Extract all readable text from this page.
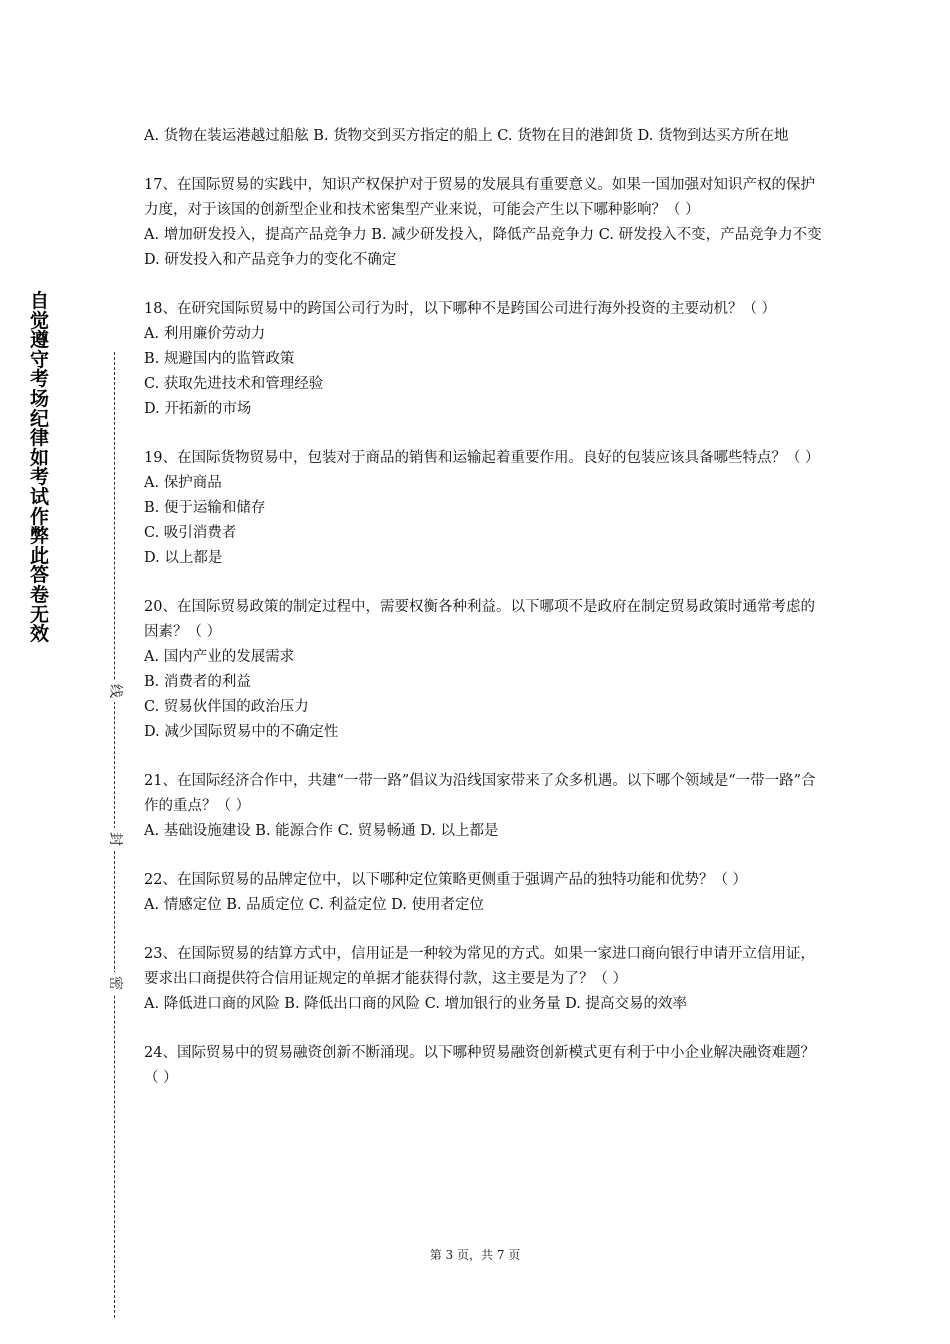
自觉遵守考场纪律如考试作弊此答卷无效
线
封
密

A. 货物在装运港越过船舷 B. 货物交到买方指定的船上 C. 货物在目的港卸货 D. 货物到达买方所在地

17、在国际贸易的实践中，知识产权保护对于贸易的发展具有重要意义。如果一国加强对知识产权的保护力度，对于该国的创新型企业和技术密集型产业来说，可能会产生以下哪种影响？（ ）

A. 增加研发投入，提高产品竞争力 B. 减少研发投入，降低产品竞争力 C. 研发投入不变，产品竞争力不变 D. 研发投入和产品竞争力的变化不确定

18、在研究国际贸易中的跨国公司行为时，以下哪种不是跨国公司进行海外投资的主要动机？（ ）

A. 利用廉价劳动力

B. 规避国内的监管政策

C. 获取先进技术和管理经验

D. 开拓新的市场

19、在国际货物贸易中，包装对于商品的销售和运输起着重要作用。良好的包装应该具备哪些特点？（ ）

A. 保护商品

B. 便于运输和储存

C. 吸引消费者

D. 以上都是

20、在国际贸易政策的制定过程中，需要权衡各种利益。以下哪项不是政府在制定贸易政策时通常考虑的因素？（ ）

A. 国内产业的发展需求

B. 消费者的利益

C. 贸易伙伴国的政治压力

D. 减少国际贸易中的不确定性

21、在国际经济合作中，共建“一带一路”倡议为沿线国家带来了众多机遇。以下哪个领域是“一带一路”合作的重点？（ ）

A. 基础设施建设 B. 能源合作 C. 贸易畅通 D. 以上都是

22、在国际贸易的品牌定位中，以下哪种定位策略更侧重于强调产品的独特功能和优势？（ ）

A. 情感定位 B. 品质定位 C. 利益定位 D. 使用者定位

23、在国际贸易的结算方式中，信用证是一种较为常见的方式。如果一家进口商向银行申请开立信用证，要求出口商提供符合信用证规定的单据才能获得付款，这主要是为了？（ ）

A. 降低进口商的风险 B. 降低出口商的风险 C. 增加银行的业务量 D. 提高交易的效率

24、国际贸易中的贸易融资创新不断涌现。以下哪种贸易融资创新模式更有利于中小企业解决融资难题？（ ）

第 3 页，共 7 页
